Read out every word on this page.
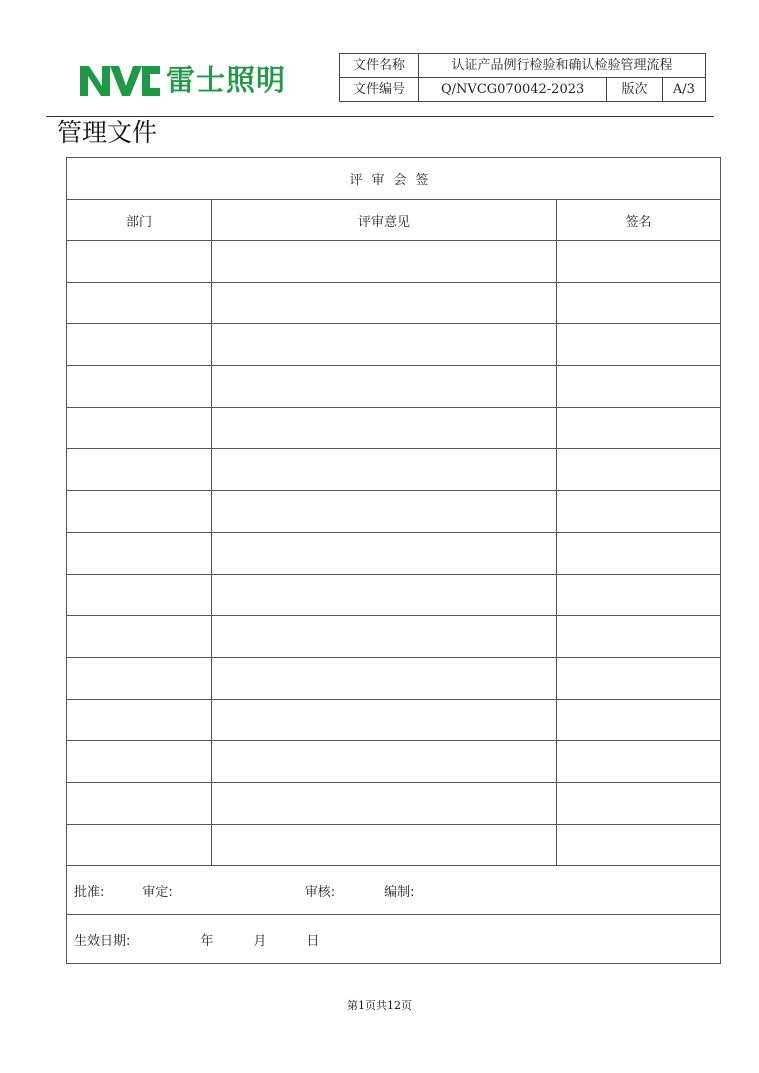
雷士照明	文件名称	认证产品例行检验和确认检验管理流程		
文件编号	Q/NVCG070042-2023	版次	A/3
管理文件
评审会签		
部门	评审意见	签名

批准: 审定: 审核: 编制:		
生效日期: 年 月 日		
第1页共12页
